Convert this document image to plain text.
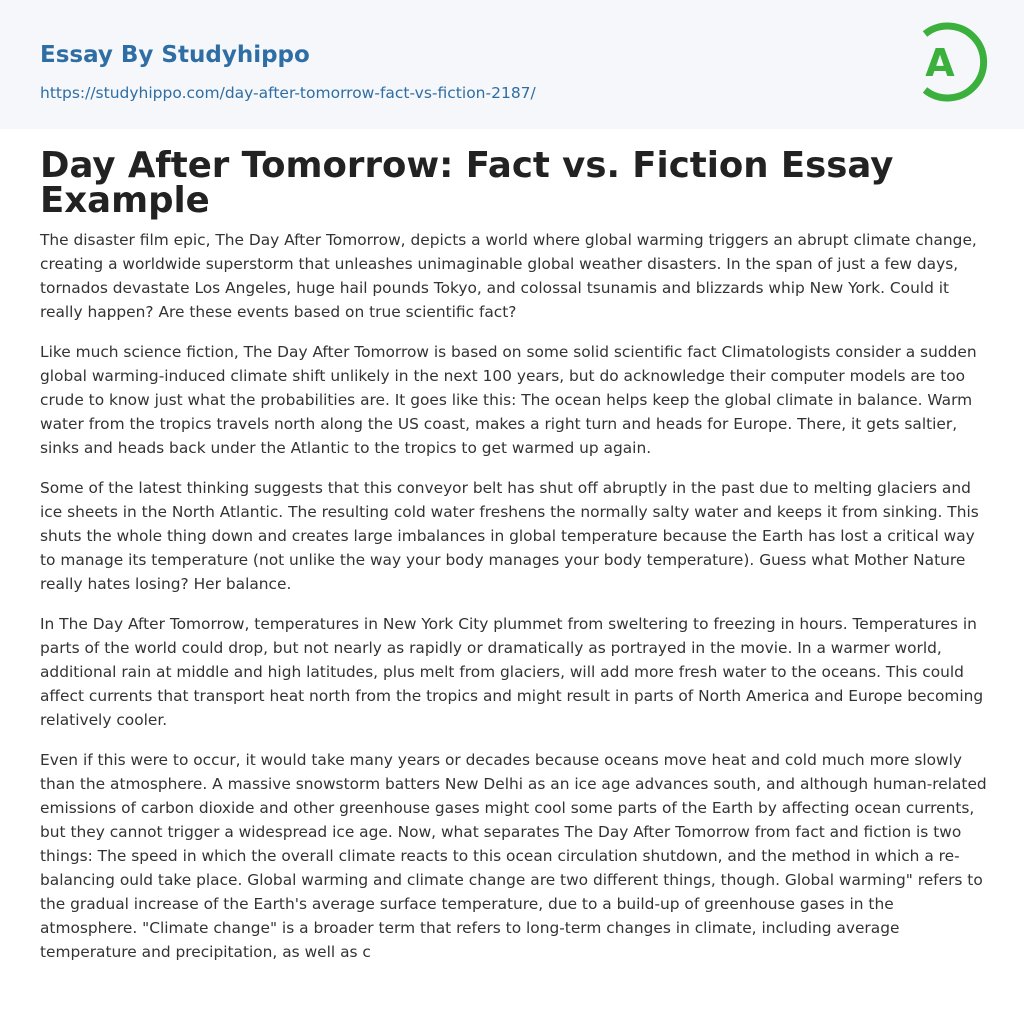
Essay By Studyhippo
https://studyhippo.com/day-after-tomorrow-fact-vs-fiction-2187/
A
Day After Tomorrow: Fact vs. Fiction Essay Example

The disaster film epic, The Day After Tomorrow, depicts a world where global warming triggers an abrupt climate change, creating a worldwide superstorm that unleashes unimaginable global weather disasters. In the span of just a few days, tornados devastate Los Angeles, huge hail pounds Tokyo, and colossal tsunamis and blizzards whip New York. Could it really happen? Are these events based on true scientific fact?

Like much science fiction, The Day After Tomorrow is based on some solid scientific fact Climatologists consider a sudden global warming-induced climate shift unlikely in the next 100 years, but do acknowledge their computer models are too crude to know just what the probabilities are. It goes like this: The ocean helps keep the global climate in balance. Warm water from the tropics travels north along the US coast, makes a right turn and heads for Europe. There, it gets saltier, sinks and heads back under the Atlantic to the tropics to get warmed up again.

Some of the latest thinking suggests that this conveyor belt has shut off abruptly in the past due to melting glaciers and ice sheets in the North Atlantic. The resulting cold water freshens the normally salty water and keeps it from sinking. This shuts the whole thing down and creates large imbalances in global temperature because the Earth has lost a critical way to manage its temperature (not unlike the way your body manages your body temperature). Guess what Mother Nature really hates losing? Her balance.

In The Day After Tomorrow, temperatures in New York City plummet from sweltering to freezing in hours. Temperatures in parts of the world could drop, but not nearly as rapidly or dramatically as portrayed in the movie. In a warmer world, additional rain at middle and high latitudes, plus melt from glaciers, will add more fresh water to the oceans. This could affect currents that transport heat north from the tropics and might result in parts of North America and Europe becoming relatively cooler.

Even if this were to occur, it would take many years or decades because oceans move heat and cold much more slowly than the atmosphere. A massive snowstorm batters New Delhi as an ice age advances south, and although human-related emissions of carbon dioxide and other greenhouse gases might cool some parts of the Earth by affecting ocean currents, but they cannot trigger a widespread ice age. Now, what separates The Day After Tomorrow from fact and fiction is two things: The speed in which the overall climate reacts to this ocean circulation shutdown, and the method in which a re-balancing ould take place. Global warming and climate change are two different things, though. Global warming" refers to the gradual increase of the Earth's average surface temperature, due to a build-up of greenhouse gases in the atmosphere. "Climate change" is a broader term that refers to long-term changes in climate, including average temperature and precipitation, as well as c
